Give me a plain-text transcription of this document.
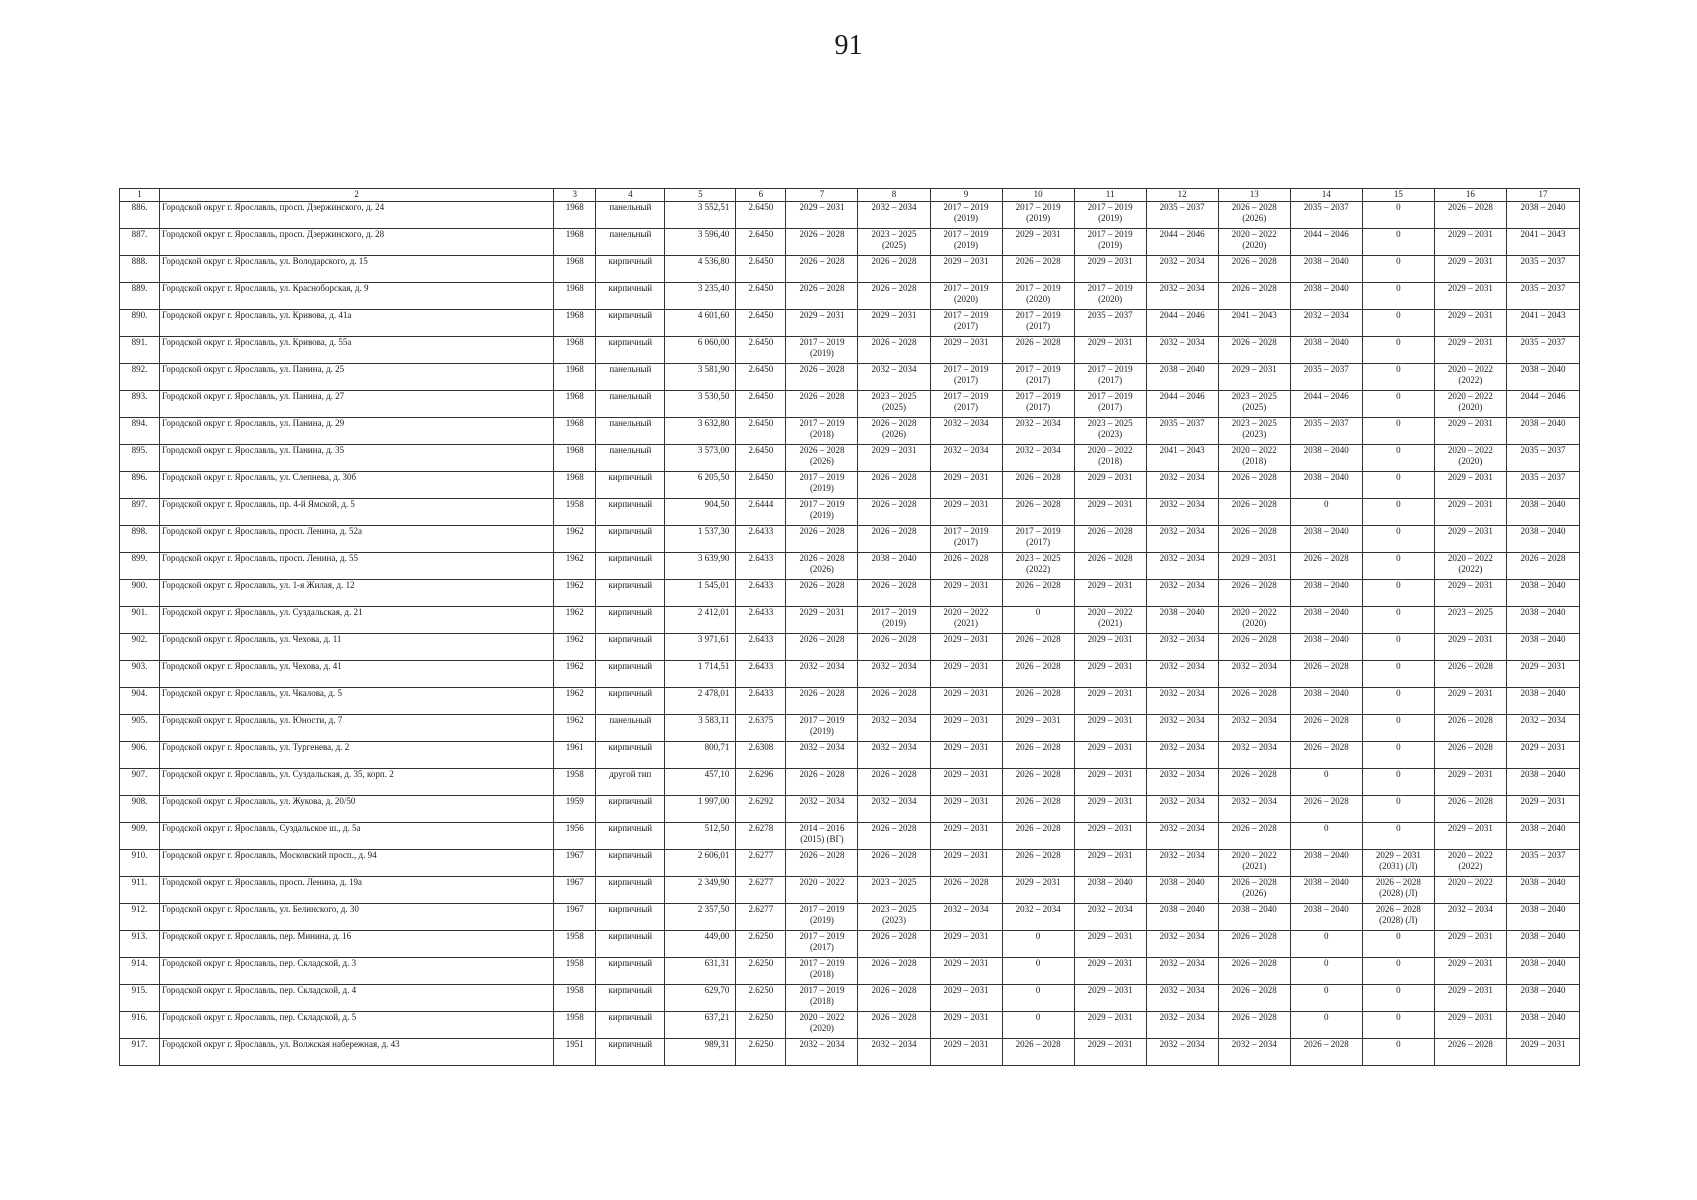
91
1	2	3	4	5	6	7	8	9	10	11	12	13	14	15	16	17
886.	Городской округ г. Ярославль, просп. Дзержинского, д. 24	1968	панельный	3 552,51	2.6450	2029 – 2031	2032 – 2034	2017 – 2019
(2019)	2017 – 2019
(2019)	2017 – 2019
(2019)	2035 – 2037	2026 – 2028
(2026)	2035 – 2037	0	2026 – 2028	2038 – 2040
887.	Городской округ г. Ярославль, просп. Дзержинского, д. 28	1968	панельный	3 596,40	2.6450	2026 – 2028	2023 – 2025
(2025)	2017 – 2019
(2019)	2029 – 2031	2017 – 2019
(2019)	2044 – 2046	2020 – 2022
(2020)	2044 – 2046	0	2029 – 2031	2041 – 2043
888.	Городской округ г. Ярославль, ул. Володарского, д. 15	1968	кирпичный	4 536,80	2.6450	2026 – 2028	2026 – 2028	2029 – 2031	2026 – 2028	2029 – 2031	2032 – 2034	2026 – 2028	2038 – 2040	0	2029 – 2031	2035 – 2037
889.	Городской округ г. Ярославль, ул. Красноборская, д. 9	1968	кирпичный	3 235,40	2.6450	2026 – 2028	2026 – 2028	2017 – 2019
(2020)	2017 – 2019
(2020)	2017 – 2019
(2020)	2032 – 2034	2026 – 2028	2038 – 2040	0	2029 – 2031	2035 – 2037
890.	Городской округ г. Ярославль, ул. Кривова, д. 41а	1968	кирпичный	4 601,60	2.6450	2029 – 2031	2029 – 2031	2017 – 2019
(2017)	2017 – 2019
(2017)	2035 – 2037	2044 – 2046	2041 – 2043	2032 – 2034	0	2029 – 2031	2041 – 2043
891.	Городской округ г. Ярославль, ул. Кривова, д. 55а	1968	кирпичный	6 060,00	2.6450	2017 – 2019
(2019)	2026 – 2028	2029 – 2031	2026 – 2028	2029 – 2031	2032 – 2034	2026 – 2028	2038 – 2040	0	2029 – 2031	2035 – 2037
892.	Городской округ г. Ярославль, ул. Панина, д. 25	1968	панельный	3 581,90	2.6450	2026 – 2028	2032 – 2034	2017 – 2019
(2017)	2017 – 2019
(2017)	2017 – 2019
(2017)	2038 – 2040	2029 – 2031	2035 – 2037	0	2020 – 2022
(2022)	2038 – 2040
893.	Городской округ г. Ярославль, ул. Панина, д. 27	1968	панельный	3 530,50	2.6450	2026 – 2028	2023 – 2025
(2025)	2017 – 2019
(2017)	2017 – 2019
(2017)	2017 – 2019
(2017)	2044 – 2046	2023 – 2025
(2025)	2044 – 2046	0	2020 – 2022
(2020)	2044 – 2046
894.	Городской округ г. Ярославль, ул. Панина, д. 29	1968	панельный	3 632,80	2.6450	2017 – 2019
(2018)	2026 – 2028
(2026)	2032 – 2034	2032 – 2034	2023 – 2025
(2023)	2035 – 2037	2023 – 2025
(2023)	2035 – 2037	0	2029 – 2031	2038 – 2040
895.	Городской округ г. Ярославль, ул. Панина, д. 35	1968	панельный	3 573,00	2.6450	2026 – 2028
(2026)	2029 – 2031	2032 – 2034	2032 – 2034	2020 – 2022
(2018)	2041 – 2043	2020 – 2022
(2018)	2038 – 2040	0	2020 – 2022
(2020)	2035 – 2037
896.	Городской округ г. Ярославль, ул. Слепнева, д. 30б	1968	кирпичный	6 205,50	2.6450	2017 – 2019
(2019)	2026 – 2028	2029 – 2031	2026 – 2028	2029 – 2031	2032 – 2034	2026 – 2028	2038 – 2040	0	2029 – 2031	2035 – 2037
897.	Городской округ г. Ярославль, пр. 4-й Ямской, д. 5	1958	кирпичный	904,50	2.6444	2017 – 2019
(2019)	2026 – 2028	2029 – 2031	2026 – 2028	2029 – 2031	2032 – 2034	2026 – 2028	0	0	2029 – 2031	2038 – 2040
898.	Городской округ г. Ярославль, просп. Ленина, д. 52а	1962	кирпичный	1 537,30	2.6433	2026 – 2028	2026 – 2028	2017 – 2019
(2017)	2017 – 2019
(2017)	2026 – 2028	2032 – 2034	2026 – 2028	2038 – 2040	0	2029 – 2031	2038 – 2040
899.	Городской округ г. Ярославль, просп. Ленина, д. 55	1962	кирпичный	3 639,90	2.6433	2026 – 2028
(2026)	2038 – 2040	2026 – 2028	2023 – 2025
(2022)	2026 – 2028	2032 – 2034	2029 – 2031	2026 – 2028	0	2020 – 2022
(2022)	2026 – 2028
900.	Городской округ г. Ярославль, ул. 1-я Жилая, д. 12	1962	кирпичный	1 545,01	2.6433	2026 – 2028	2026 – 2028	2029 – 2031	2026 – 2028	2029 – 2031	2032 – 2034	2026 – 2028	2038 – 2040	0	2029 – 2031	2038 – 2040
901.	Городской округ г. Ярославль, ул. Суздальская, д. 21	1962	кирпичный	2 412,01	2.6433	2029 – 2031	2017 – 2019
(2019)	2020 – 2022
(2021)	0	2020 – 2022
(2021)	2038 – 2040	2020 – 2022
(2020)	2038 – 2040	0	2023 – 2025	2038 – 2040
902.	Городской округ г. Ярославль, ул. Чехова, д. 11	1962	кирпичный	3 971,61	2.6433	2026 – 2028	2026 – 2028	2029 – 2031	2026 – 2028	2029 – 2031	2032 – 2034	2026 – 2028	2038 – 2040	0	2029 – 2031	2038 – 2040
903.	Городской округ г. Ярославль, ул. Чехова, д. 41	1962	кирпичный	1 714,51	2.6433	2032 – 2034	2032 – 2034	2029 – 2031	2026 – 2028	2029 – 2031	2032 – 2034	2032 – 2034	2026 – 2028	0	2026 – 2028	2029 – 2031
904.	Городской округ г. Ярославль, ул. Чкалова, д. 5	1962	кирпичный	2 478,01	2.6433	2026 – 2028	2026 – 2028	2029 – 2031	2026 – 2028	2029 – 2031	2032 – 2034	2026 – 2028	2038 – 2040	0	2029 – 2031	2038 – 2040
905.	Городской округ г. Ярославль, ул. Юности, д. 7	1962	панельный	3 583,11	2.6375	2017 – 2019
(2019)	2032 – 2034	2029 – 2031	2029 – 2031	2029 – 2031	2032 – 2034	2032 – 2034	2026 – 2028	0	2026 – 2028	2032 – 2034
906.	Городской округ г. Ярославль, ул. Тургенева, д. 2	1961	кирпичный	800,71	2.6308	2032 – 2034	2032 – 2034	2029 – 2031	2026 – 2028	2029 – 2031	2032 – 2034	2032 – 2034	2026 – 2028	0	2026 – 2028	2029 – 2031
907.	Городской округ г. Ярославль, ул. Суздальская, д. 35, корп. 2	1958	другой тип	457,10	2.6296	2026 – 2028	2026 – 2028	2029 – 2031	2026 – 2028	2029 – 2031	2032 – 2034	2026 – 2028	0	0	2029 – 2031	2038 – 2040
908.	Городской округ г. Ярославль, ул. Жукова, д. 20/50	1959	кирпичный	1 997,00	2.6292	2032 – 2034	2032 – 2034	2029 – 2031	2026 – 2028	2029 – 2031	2032 – 2034	2032 – 2034	2026 – 2028	0	2026 – 2028	2029 – 2031
909.	Городской округ г. Ярославль, Суздальское ш., д. 5а	1956	кирпичный	512,50	2.6278	2014 – 2016
(2015) (ВГ)	2026 – 2028	2029 – 2031	2026 – 2028	2029 – 2031	2032 – 2034	2026 – 2028	0	0	2029 – 2031	2038 – 2040
910.	Городской округ г. Ярославль, Московский просп., д. 94	1967	кирпичный	2 606,01	2.6277	2026 – 2028	2026 – 2028	2029 – 2031	2026 – 2028	2029 – 2031	2032 – 2034	2020 – 2022
(2021)	2038 – 2040	2029 – 2031
(2031) (Л)	2020 – 2022
(2022)	2035 – 2037
911.	Городской округ г. Ярославль, просп. Ленина, д. 19а	1967	кирпичный	2 349,90	2.6277	2020 – 2022	2023 – 2025	2026 – 2028	2029 – 2031	2038 – 2040	2038 – 2040	2026 – 2028
(2026)	2038 – 2040	2026 – 2028
(2028) (Л)	2020 – 2022	2038 – 2040
912.	Городской округ г. Ярославль, ул. Белинского, д. 30	1967	кирпичный	2 357,50	2.6277	2017 – 2019
(2019)	2023 – 2025
(2023)	2032 – 2034	2032 – 2034	2032 – 2034	2038 – 2040	2038 – 2040	2038 – 2040	2026 – 2028
(2028) (Л)	2032 – 2034	2038 – 2040
913.	Городской округ г. Ярославль, пер. Минина, д. 16	1958	кирпичный	449,00	2.6250	2017 – 2019
(2017)	2026 – 2028	2029 – 2031	0	2029 – 2031	2032 – 2034	2026 – 2028	0	0	2029 – 2031	2038 – 2040
914.	Городской округ г. Ярославль, пер. Складской, д. 3	1958	кирпичный	631,31	2.6250	2017 – 2019
(2018)	2026 – 2028	2029 – 2031	0	2029 – 2031	2032 – 2034	2026 – 2028	0	0	2029 – 2031	2038 – 2040
915.	Городской округ г. Ярославль, пер. Складской, д. 4	1958	кирпичный	629,70	2.6250	2017 – 2019
(2018)	2026 – 2028	2029 – 2031	0	2029 – 2031	2032 – 2034	2026 – 2028	0	0	2029 – 2031	2038 – 2040
916.	Городской округ г. Ярославль, пер. Складской, д. 5	1958	кирпичный	637,21	2.6250	2020 – 2022
(2020)	2026 – 2028	2029 – 2031	0	2029 – 2031	2032 – 2034	2026 – 2028	0	0	2029 – 2031	2038 – 2040
917.	Городской округ г. Ярославль, ул. Волжская набережная, д. 43	1951	кирпичный	989,31	2.6250	2032 – 2034	2032 – 2034	2029 – 2031	2026 – 2028	2029 – 2031	2032 – 2034	2032 – 2034	2026 – 2028	0	2026 – 2028	2029 – 2031
